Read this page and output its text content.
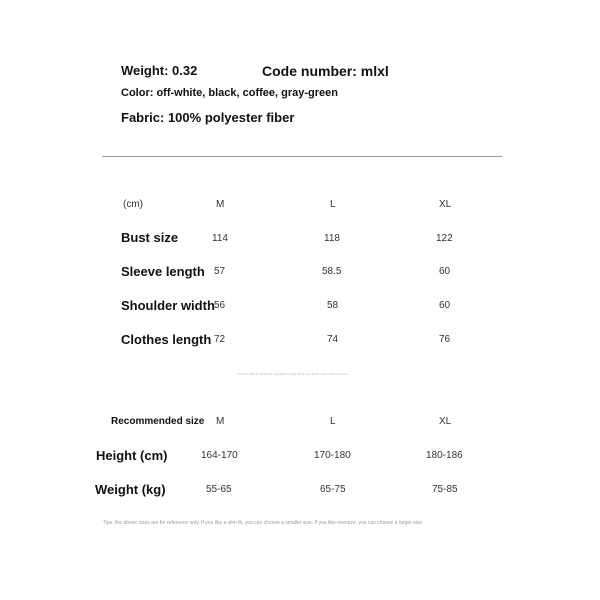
Weight: 0.32	Code number: mlxl
Color: off-white, black, coffee, gray-green
Fabric: 100% polyester fiber
(cm)	M	L	XL
Bust size	114	118	122
Sleeve length 57	58.5	60
Shoulder width 56	58	60
Clothes length 72	74	76
The size data is measured manually by tiling, there may be an error of about 1-3 cm
Recommended size M	L	XL
Height (cm)	164-170	170-180	180-186
Weight (kg)	55-65	65-75	75-85
Tips: the above sizes are for reference only. If you like a slim fit, you can choose a smaller size. If you like oversize, you can choose a larger size
